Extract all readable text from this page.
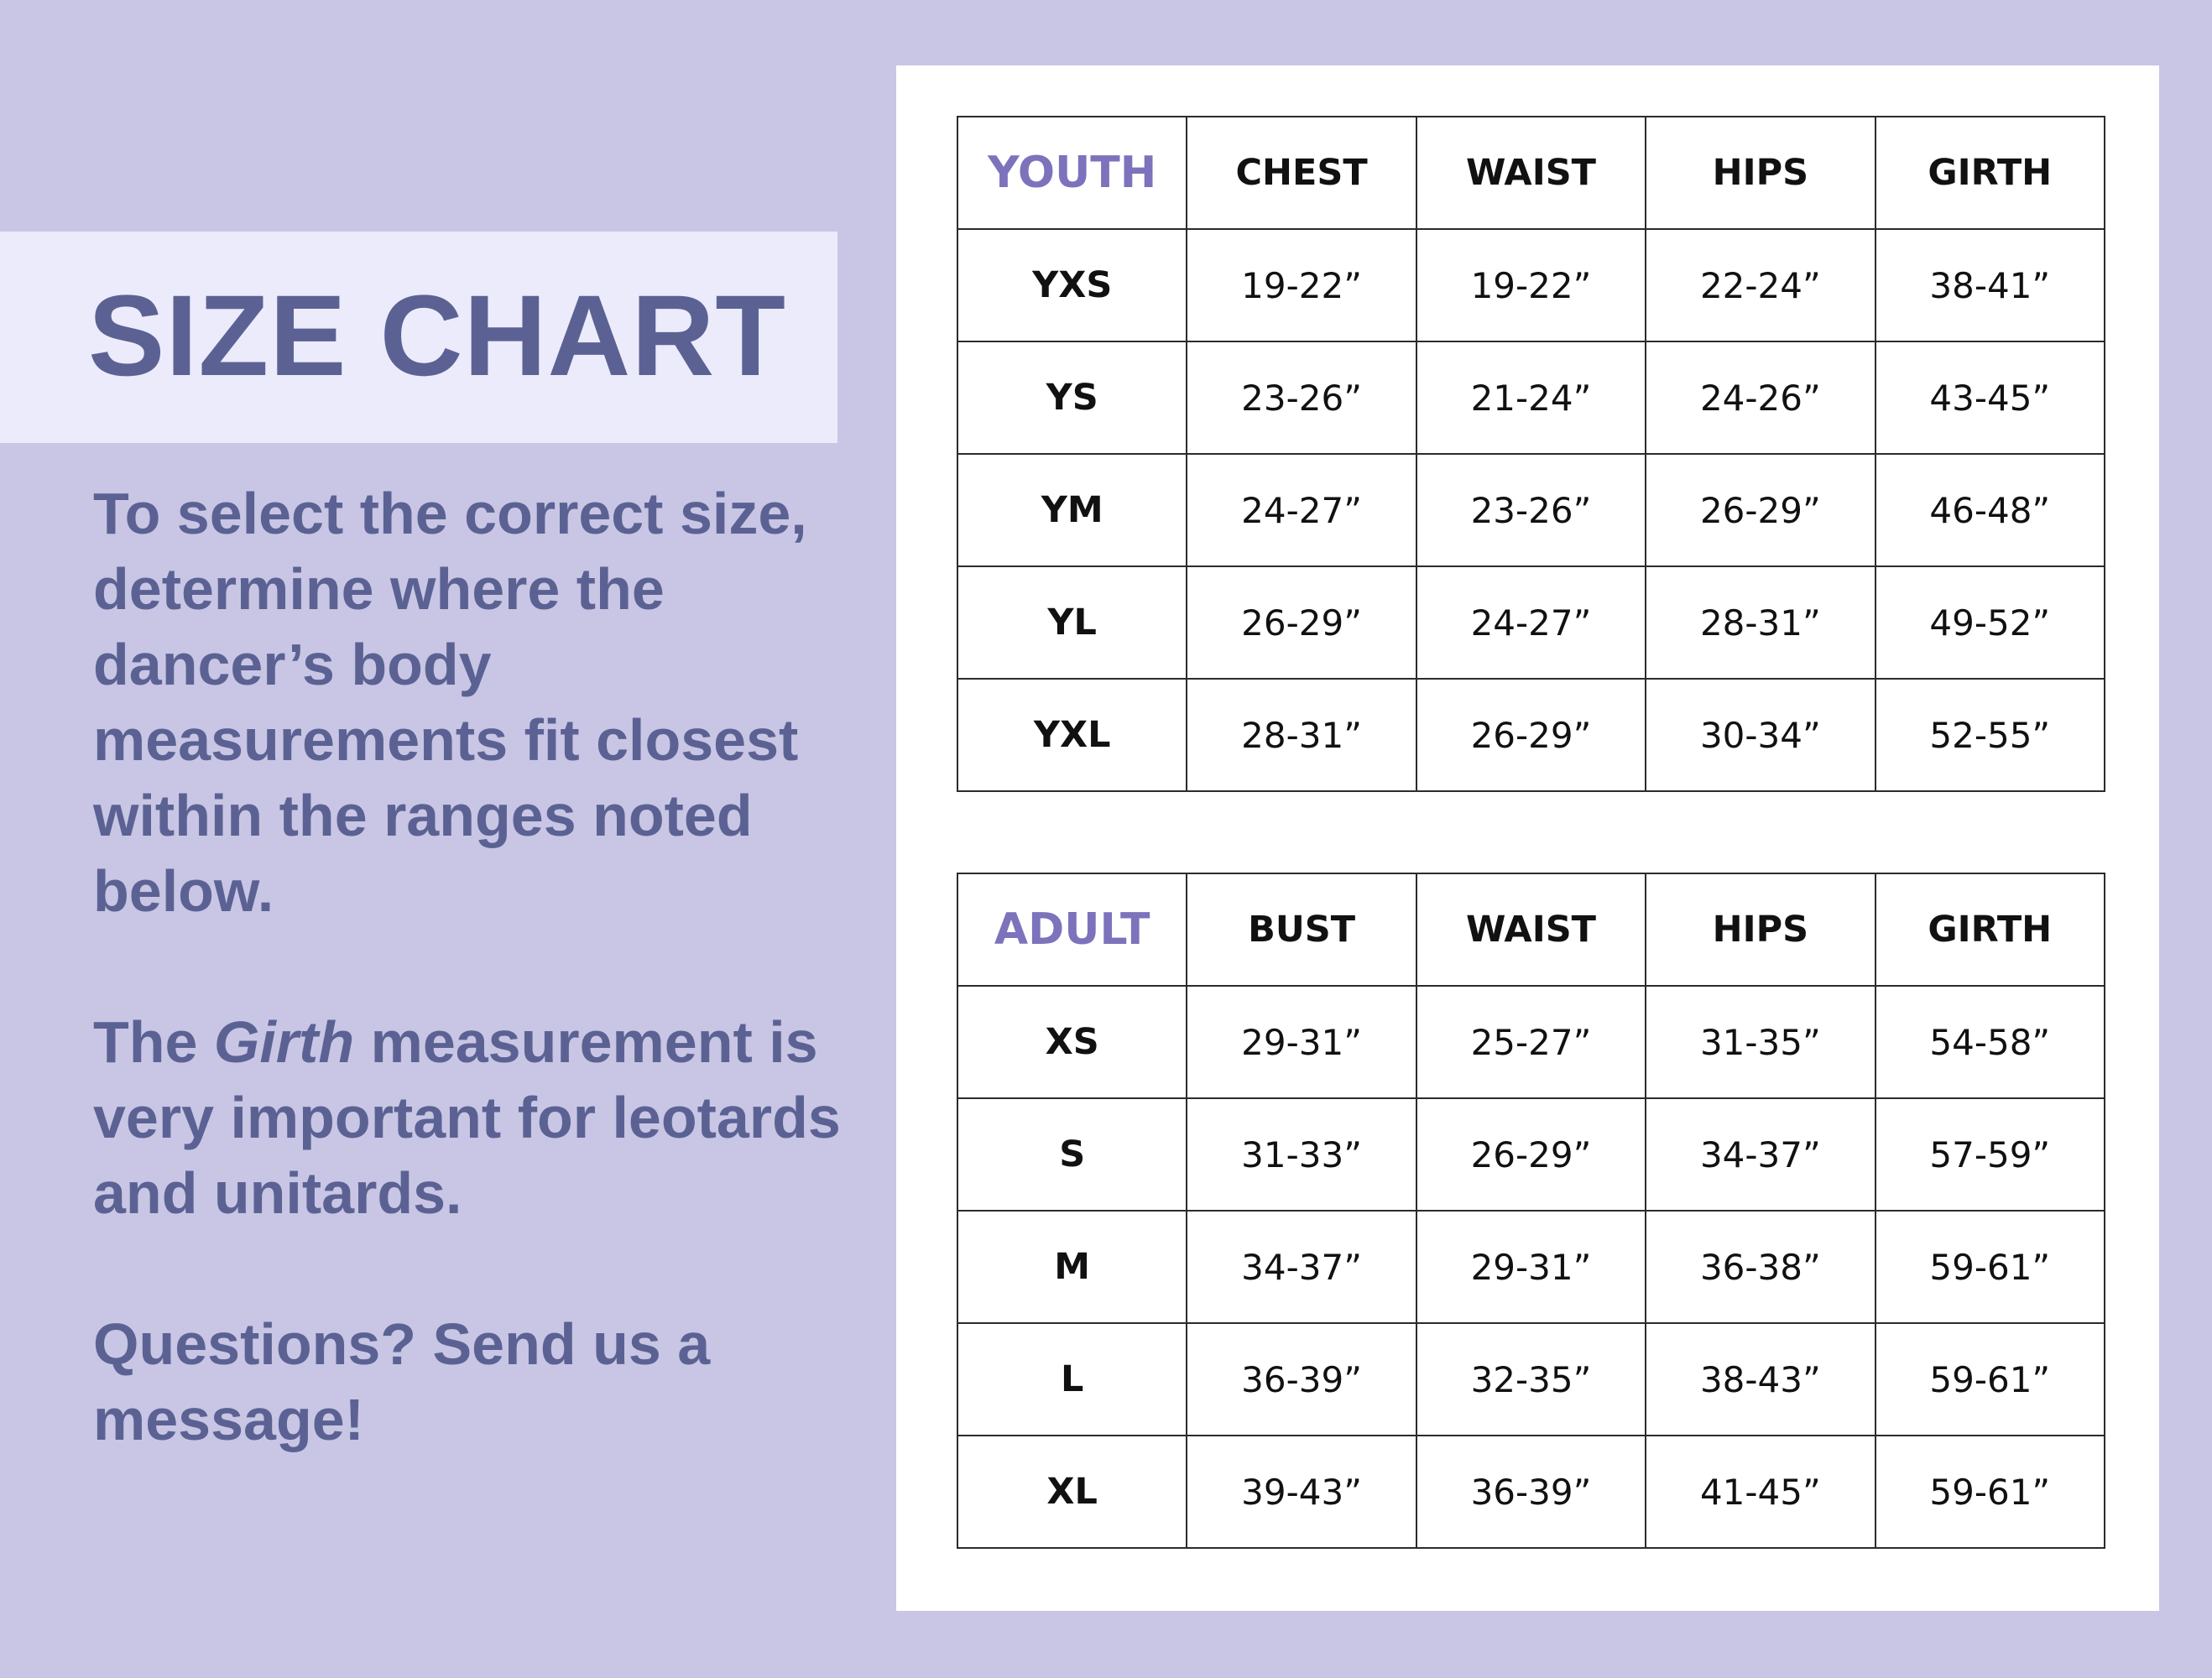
SIZE CHART

To select the correct size, determine where the dancer’s body measurements fit closest within the ranges noted below.

The Girth measurement is very important for leotards and unitards.

Questions? Send us a message!

YOUTH	CHEST	WAIST	HIPS	GIRTH
YXS	19-22”	19-22”	22-24”	38-41”
YS	23-26”	21-24”	24-26”	43-45”
YM	24-27”	23-26”	26-29”	46-48”
YL	26-29”	24-27”	28-31”	49-52”
YXL	28-31”	26-29”	30-34”	52-55”
ADULT	BUST	WAIST	HIPS	GIRTH
XS	29-31”	25-27”	31-35”	54-58”
S	31-33”	26-29”	34-37”	57-59”
M	34-37”	29-31”	36-38”	59-61”
L	36-39”	32-35”	38-43”	59-61”
XL	39-43”	36-39”	41-45”	59-61”
